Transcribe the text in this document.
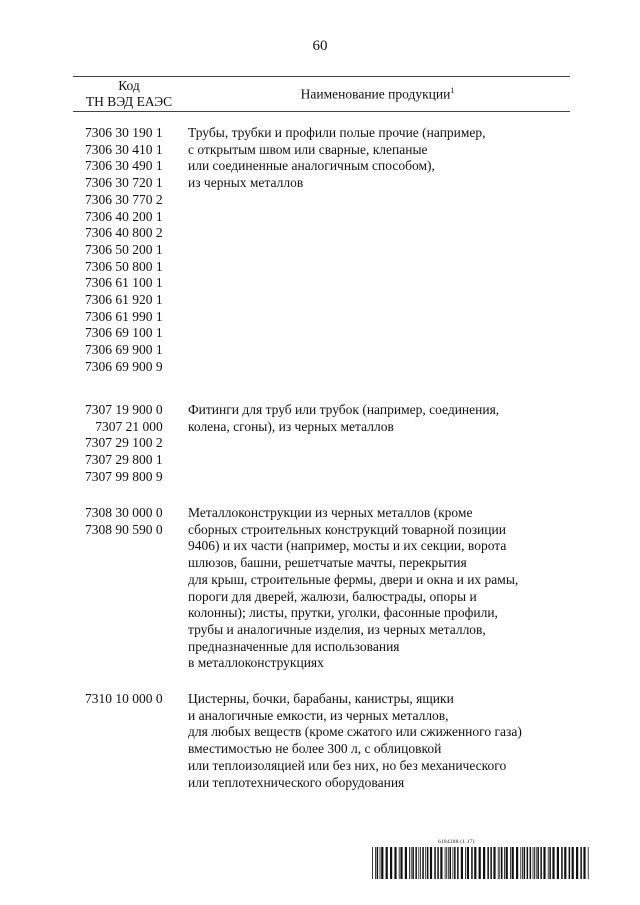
60
Код
ТН ВЭД ЕАЭС	Наименование продукции$^1$
7306 30 190 1
7306 30 410 1
7306 30 490 1
7306 30 720 1
7306 30 770 2
7306 40 200 1
7306 40 800 2
7306 50 200 1
7306 50 800 1
7306 61 100 1
7306 61 920 1
7306 61 990 1
7306 69 100 1
7306 69 900 1
7306 69 900 9
Трубы, трубки и профили полые прочие (например,
с открытым швом или сварные, клепаные
или соединенные аналогичным способом),
из черных металлов
7307 19 900 0
7307 21 000
7307 29 100 2
7307 29 800 1
7307 99 800 9
Фитинги для труб или трубок (например, соединения,
колена, сгоны), из черных металлов
7308 30 000 0
7308 90 590 0
Металлоконструкции из черных металлов (кроме
сборных строительных конструкций товарной позиции
9406) и их части (например, мосты и их секции, ворота
шлюзов, башни, решетчатые мачты, перекрытия
для крыш, строительные фермы, двери и окна и их рамы,
пороги для дверей, жалюзи, балюстрады, опоры и
колонны); листы, прутки, уголки, фасонные профили,
трубы и аналогичные изделия, из черных металлов,
предназначенные для использования
в металлоконструкциях
7310 10 000 0	Цистерны, бочки, барабаны, канистры, ящики
и аналогичные емкости, из черных металлов,
для любых веществ (кроме сжатого или сжиженного газа)
вместимостью не более 300 л, с облицовкой
или теплоизоляцией или без них, но без механического
или теплотехнического оборудования
6184388 (1.17)
